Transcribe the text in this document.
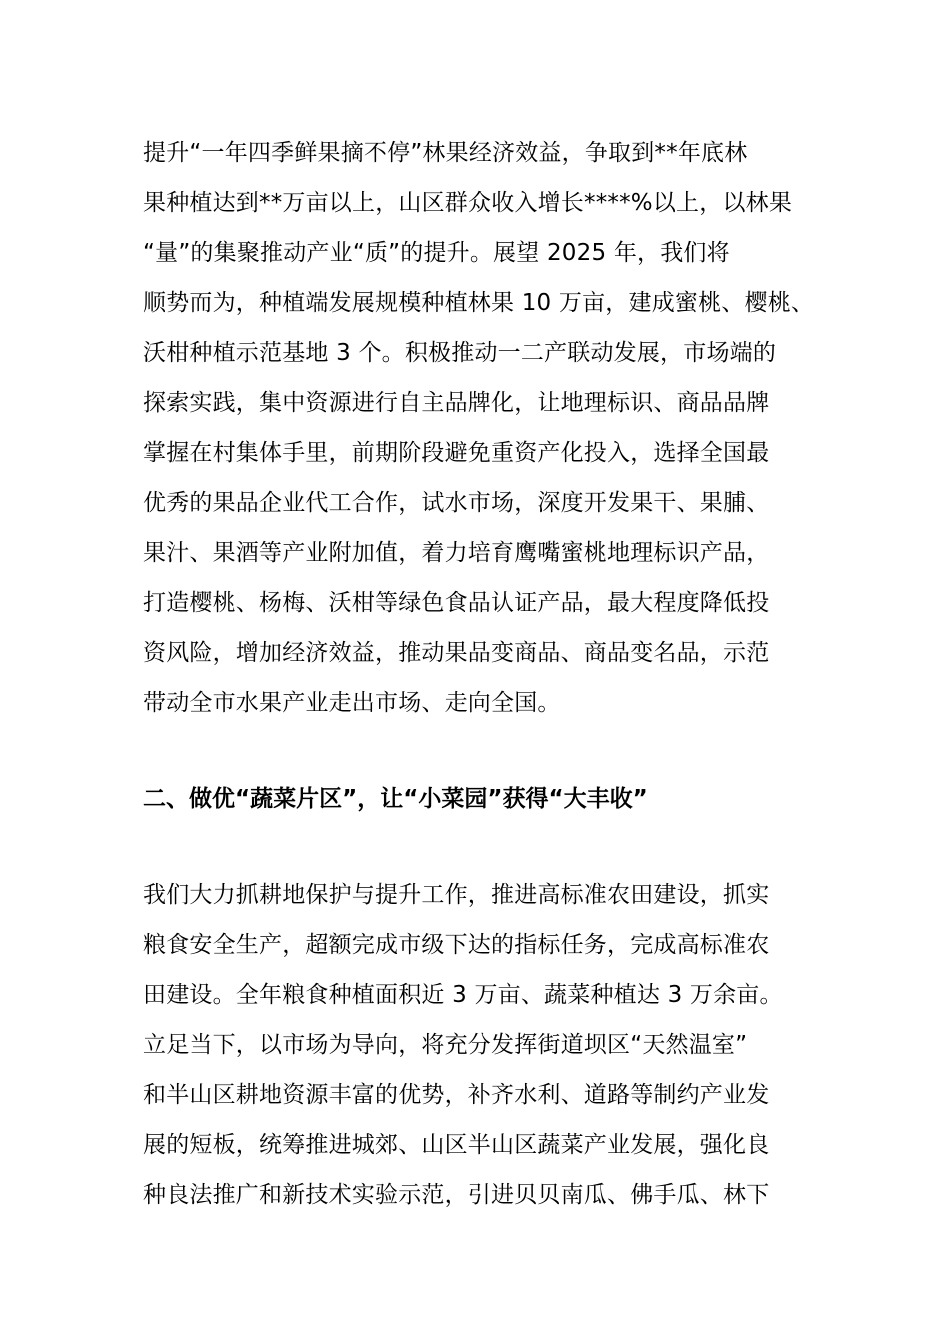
提升“一年四季鲜果摘不停”林果经济效益，争取到**年底林
果种植达到**万亩以上，山区群众收入增长****%以上，以林果
“量”的集聚推动产业“质”的提升。展望 2025 年，我们将
顺势而为，种植端发展规模种植林果 10 万亩，建成蜜桃、樱桃、
沃柑种植示范基地 3 个。积极推动一二产联动发展，市场端的
探索实践，集中资源进行自主品牌化，让地理标识、商品品牌
掌握在村集体手里，前期阶段避免重资产化投入，选择全国最
优秀的果品企业代工合作，试水市场，深度开发果干、果脯、
果汁、果酒等产业附加值，着力培育鹰嘴蜜桃地理标识产品，
打造樱桃、杨梅、沃柑等绿色食品认证产品，最大程度降低投
资风险，增加经济效益，推动果品变商品、商品变名品，示范
带动全市水果产业走出市场、走向全国。

二、做优“蔬菜片区”，让“小菜园”获得“大丰收”

我们大力抓耕地保护与提升工作，推进高标准农田建设，抓实
粮食安全生产，超额完成市级下达的指标任务，完成高标准农
田建设。全年粮食种植面积近 3 万亩、蔬菜种植达 3 万余亩。
立足当下，以市场为导向，将充分发挥街道坝区“天然温室”
和半山区耕地资源丰富的优势，补齐水利、道路等制约产业发
展的短板，统筹推进城郊、山区半山区蔬菜产业发展，强化良
种良法推广和新技术实验示范，引进贝贝南瓜、佛手瓜、林下
